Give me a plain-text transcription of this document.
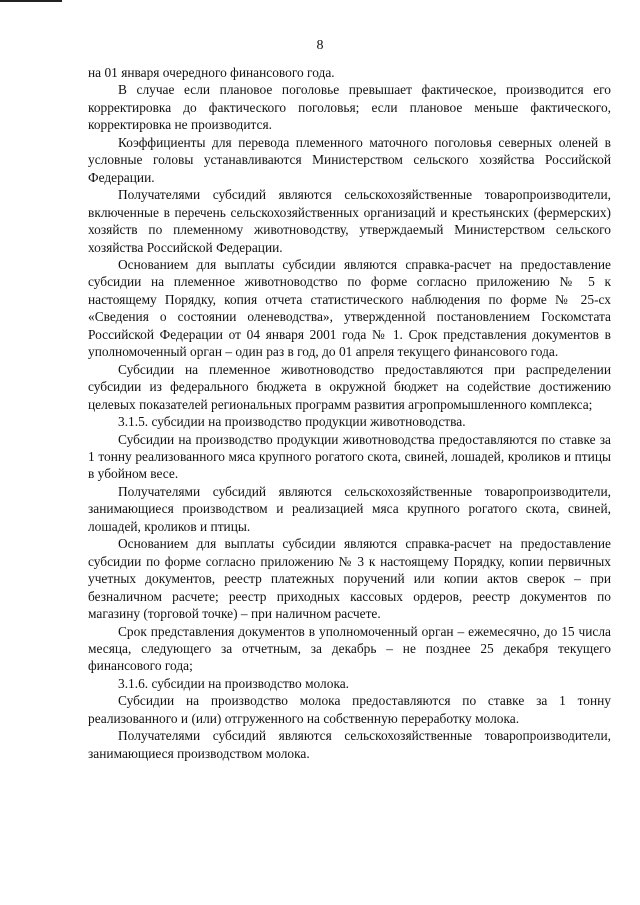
8

на 01 января очередного финансового года.

В случае если плановое поголовье превышает фактическое, производится его корректировка до фактического поголовья; если плановое меньше фактического, корректировка не производится.

Коэффициенты для перевода племенного маточного поголовья северных оленей в условные головы устанавливаются Министерством сельского хозяйства Российской Федерации.

Получателями субсидий являются сельскохозяйственные товаропроизводители, включенные в перечень сельскохозяйственных организаций и крестьянских (фермерских) хозяйств по племенному животноводству, утверждаемый Министерством сельского хозяйства Российской Федерации.

Основанием для выплаты субсидии являются справка-расчет на предоставление субсидии на племенное животноводство по форме согласно приложению № 5 к настоящему Порядку, копия отчета статистического наблюдения по форме № 25-сх «Сведения о состоянии оленеводства», утвержденной постановлением Госкомстата Российской Федерации от 04 января 2001 года № 1. Срок представления документов в уполномоченный орган – один раз в год, до 01 апреля текущего финансового года.

Субсидии на племенное животноводство предоставляются при распределении субсидии из федерального бюджета в окружной бюджет на содействие достижению целевых показателей региональных программ развития агропромышленного комплекса;

3.1.5. субсидии на производство продукции животноводства.

Субсидии на производство продукции животноводства предоставляются по ставке за 1 тонну реализованного мяса крупного рогатого скота, свиней, лошадей, кроликов и птицы в убойном весе.

Получателями субсидий являются сельскохозяйственные товаропроизводители, занимающиеся производством и реализацией мяса крупного рогатого скота, свиней, лошадей, кроликов и птицы.

Основанием для выплаты субсидии являются справка-расчет на предоставление субсидии по форме согласно приложению № 3 к настоящему Порядку, копии первичных учетных документов, реестр платежных поручений или копии актов сверок – при безналичном расчете; реестр приходных кассовых ордеров, реестр документов по магазину (торговой точке) – при наличном расчете.

Срок представления документов в уполномоченный орган – ежемесячно, до 15 числа месяца, следующего за отчетным, за декабрь – не позднее 25 декабря текущего финансового года;

3.1.6. субсидии на производство молока.

Субсидии на производство молока предоставляются по ставке за 1 тонну реализованного и (или) отгруженного на собственную переработку молока.

Получателями субсидий являются сельскохозяйственные товаропроизводители, занимающиеся производством молока.
